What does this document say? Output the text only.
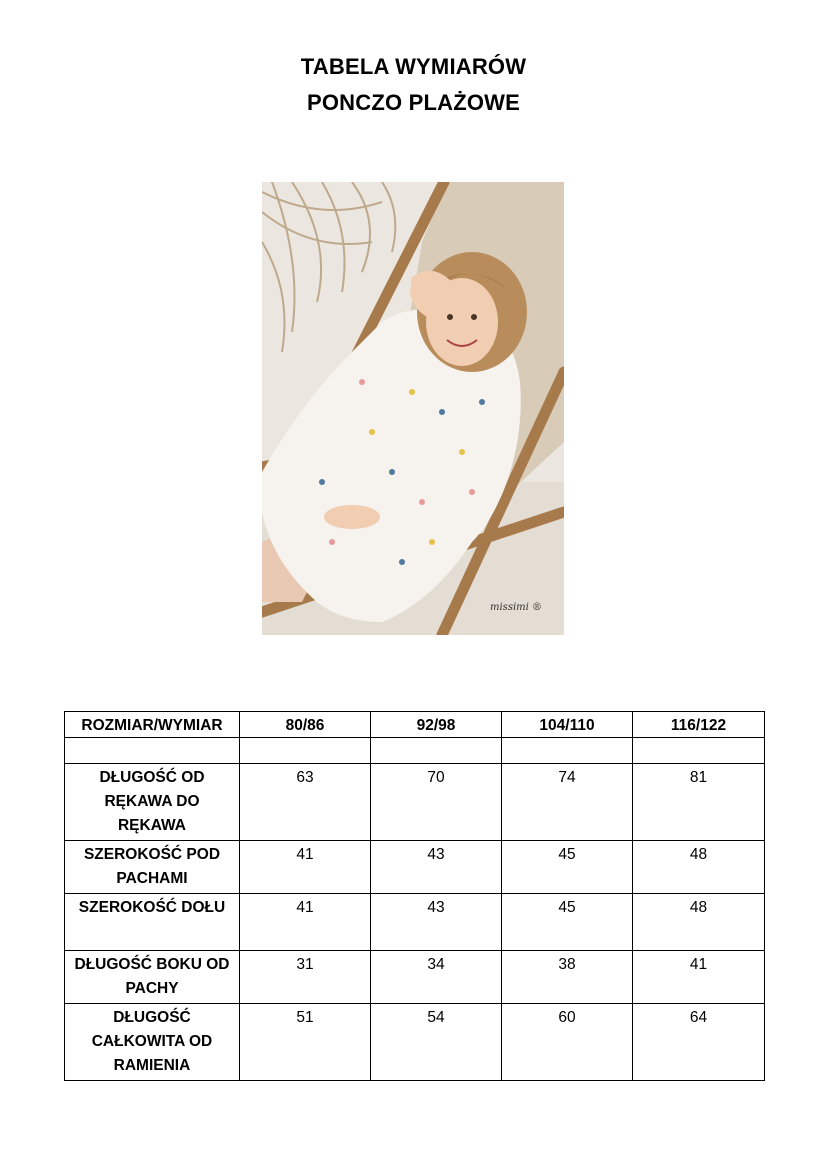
TABELA WYMIARÓW
PONCZO PLAŻOWE
missimi ®
ROZMIAR/WYMIAR	80/86	92/98	104/110	116/122

DŁUGOŚĆ OD RĘKAWA DO RĘKAWA	63	70	74	81
SZEROKOŚĆ POD PACHAMI	41	43	45	48
SZEROKOŚĆ DOŁU	41	43	45	48
DŁUGOŚĆ BOKU OD PACHY	31	34	38	41
DŁUGOŚĆ CAŁKOWITA OD RAMIENIA	51	54	60	64
